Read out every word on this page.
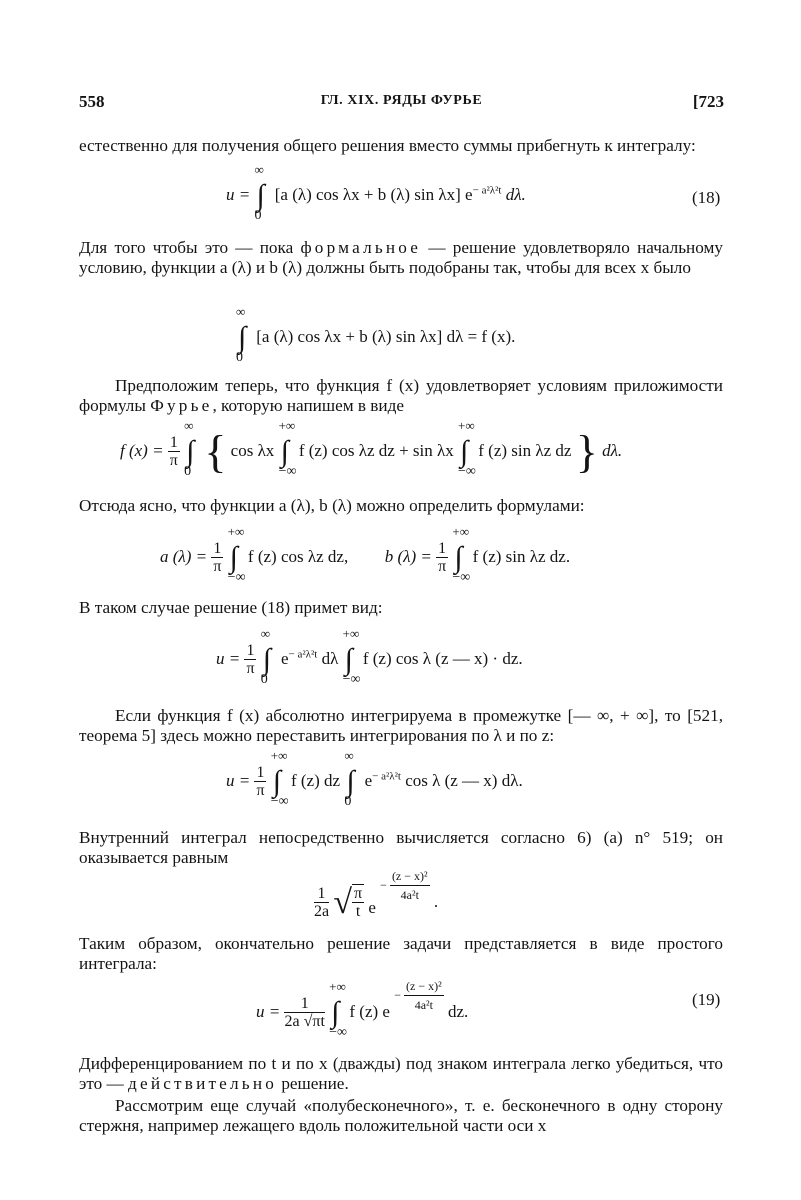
558	ГЛ. XIX. РЯДЫ ФУРЬЕ	[723
естественно для получения общего решения вместо суммы прибегнуть к интегралу:
u =
∞
∫
0
[a (λ) cos λx + b (λ) sin λx] $e^{- a^2\lambda^2t}$ dλ.	(18)
Для того чтобы это — пока формальное — решение удовлетворяло начальному условию, функции a (λ) и b (λ) должны быть подобраны так, чтобы для всех x было
∞
∫
0
[a (λ) cos λx + b (λ) sin λx] dλ = f (x).
Предположим теперь, что функция f (x) удовлетворяет условиям приложимости формулы Фурье, которую напишем в виде
f $(x) = \frac{1}{\pi}$

∞
∫
0 { cos λx
+∞
∫
−∞
f (z) cos λz dz + sin λx
+∞
∫
−∞
f (z) sin λz dz } dλ.
Отсюда ясно, что функции a (λ), b (λ) можно определить формулами:
a $(\lambda) = \frac{1}{\pi}$

+∞
∫
−∞
f (z) cos λz dz, b $(\lambda) = \frac{1}{\pi}$

+∞
∫
−∞
f (z) sin λz dz.
В таком случае решение (18) примет вид:
$u = \frac{1}{\pi}$

∞
∫
0
$e^{- a^2\lambda^2t}$ dλ
+∞
∫
−∞
f (z) cos λ (z — x) · dz.
Если функция f (x) абсолютно интегрируема в промежутке [— ∞, + ∞], то [521, теорема 5] здесь можно переставить интегрирования по λ и по z:
$u = \frac{1}{\pi}$

+∞
∫
−∞
f (z) dz
∞
∫
0
$e^{- a^2\lambda^2t}$ cos λ (z — x) dλ.
Внутренний интеграл непосредственно вычисляется согласно 6) (а) n° 519; он оказывается равным
$\frac{1}{2a}$ √ $\frac{\pi}{t}$ $e - \frac{\text{(z − x)²}}{\text{4a²t}}$ .
Таким образом, окончательно решение задачи представляется в виде простого интеграла:
$u = \frac{1}{2a √\pi t}$

+∞
∫
−∞
f (z) $e - \frac{\text{(z − x)²}}{\text{4a²t}}$ dz.
(19)
Дифференцированием по t и по x (дважды) под знаком интеграла легко убедиться, что это — действительно решение.
Рассмотрим еще случай «полубесконечного», т. е. бесконечного в одну сторону стержня, например лежащего вдоль положительной части оси x
